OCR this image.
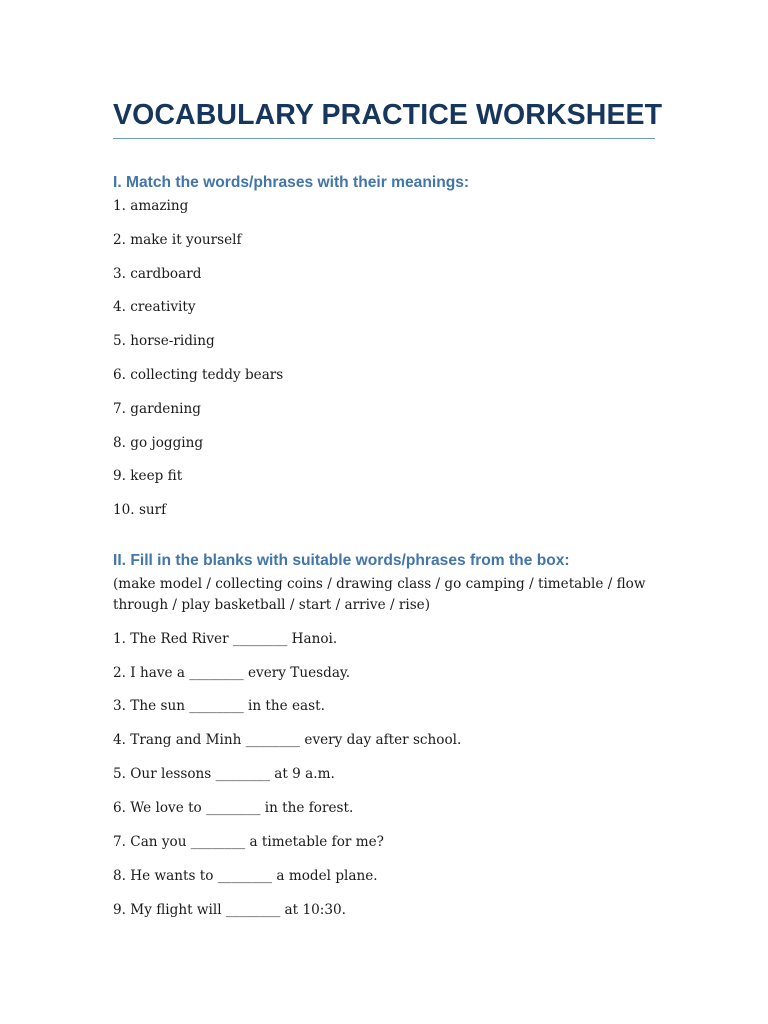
VOCABULARY PRACTICE WORKSHEET
I. Match the words/phrases with their meanings:
1. amazing
2. make it yourself
3. cardboard
4. creativity
5. horse-riding
6. collecting teddy bears
7. gardening
8. go jogging
9. keep fit
10. surf
II. Fill in the blanks with suitable words/phrases from the box:
(make model / collecting coins / drawing class / go camping / timetable / flow through / play basketball / start / arrive / rise)
1. The Red River ________ Hanoi.
2. I have a ________ every Tuesday.
3. The sun ________ in the east.
4. Trang and Minh ________ every day after school.
5. Our lessons ________ at 9 a.m.
6. We love to ________ in the forest.
7. Can you ________ a timetable for me?
8. He wants to ________ a model plane.
9. My flight will ________ at 10:30.
